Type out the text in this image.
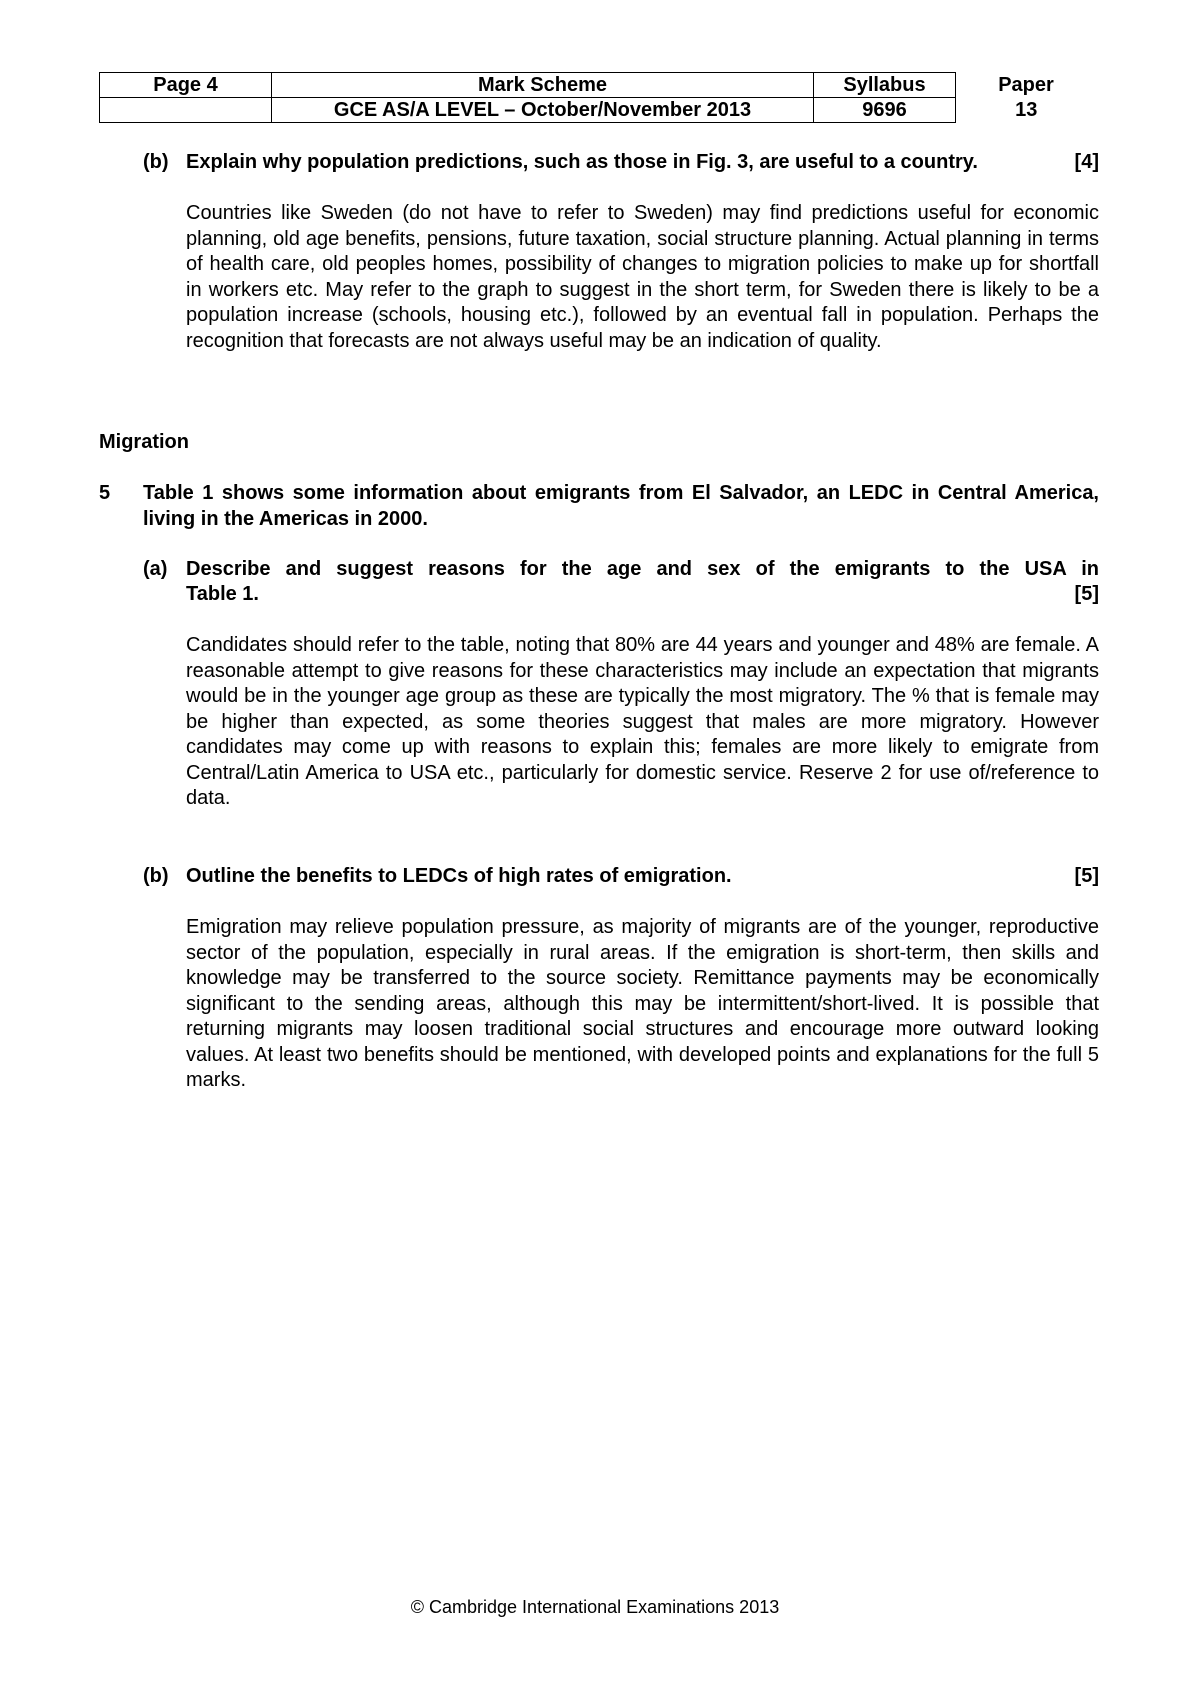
Page 4	Mark Scheme	Syllabus	Paper
	GCE AS/A LEVEL – October/November 2013	9696	13
(b) Explain why population predictions, such as those in Fig. 3, are useful to a country.	[4]
Countries like Sweden (do not have to refer to Sweden) may find predictions useful for economic planning, old age benefits, pensions, future taxation, social structure planning. Actual planning in terms of health care, old peoples homes, possibility of changes to migration policies to make up for shortfall in workers etc. May refer to the graph to suggest in the short term, for Sweden there is likely to be a population increase (schools, housing etc.), followed by an eventual fall in population. Perhaps the recognition that forecasts are not always useful may be an indication of quality.
Migration
5 Table 1 shows some information about emigrants from El Salvador, an LEDC in Central America, living in the Americas in 2000.
(a) Describe and suggest reasons for the age and sex of the emigrants to the USA in
Table 1.	[5]
Candidates should refer to the table, noting that 80% are 44 years and younger and 48% are female. A reasonable attempt to give reasons for these characteristics may include an expectation that migrants would be in the younger age group as these are typically the most migratory. The % that is female may be higher than expected, as some theories suggest that males are more migratory. However candidates may come up with reasons to explain this; females are more likely to emigrate from Central/Latin America to USA etc., particularly for domestic service. Reserve 2 for use of/reference to data.
(b) Outline the benefits to LEDCs of high rates of emigration.	[5]
Emigration may relieve population pressure, as majority of migrants are of the younger, reproductive sector of the population, especially in rural areas. If the emigration is short-term, then skills and knowledge may be transferred to the source society. Remittance payments may be economically significant to the sending areas, although this may be intermittent/short-lived. It is possible that returning migrants may loosen traditional social structures and encourage more outward looking values. At least two benefits should be mentioned, with developed points and explanations for the full 5 marks.
© Cambridge International Examinations 2013
